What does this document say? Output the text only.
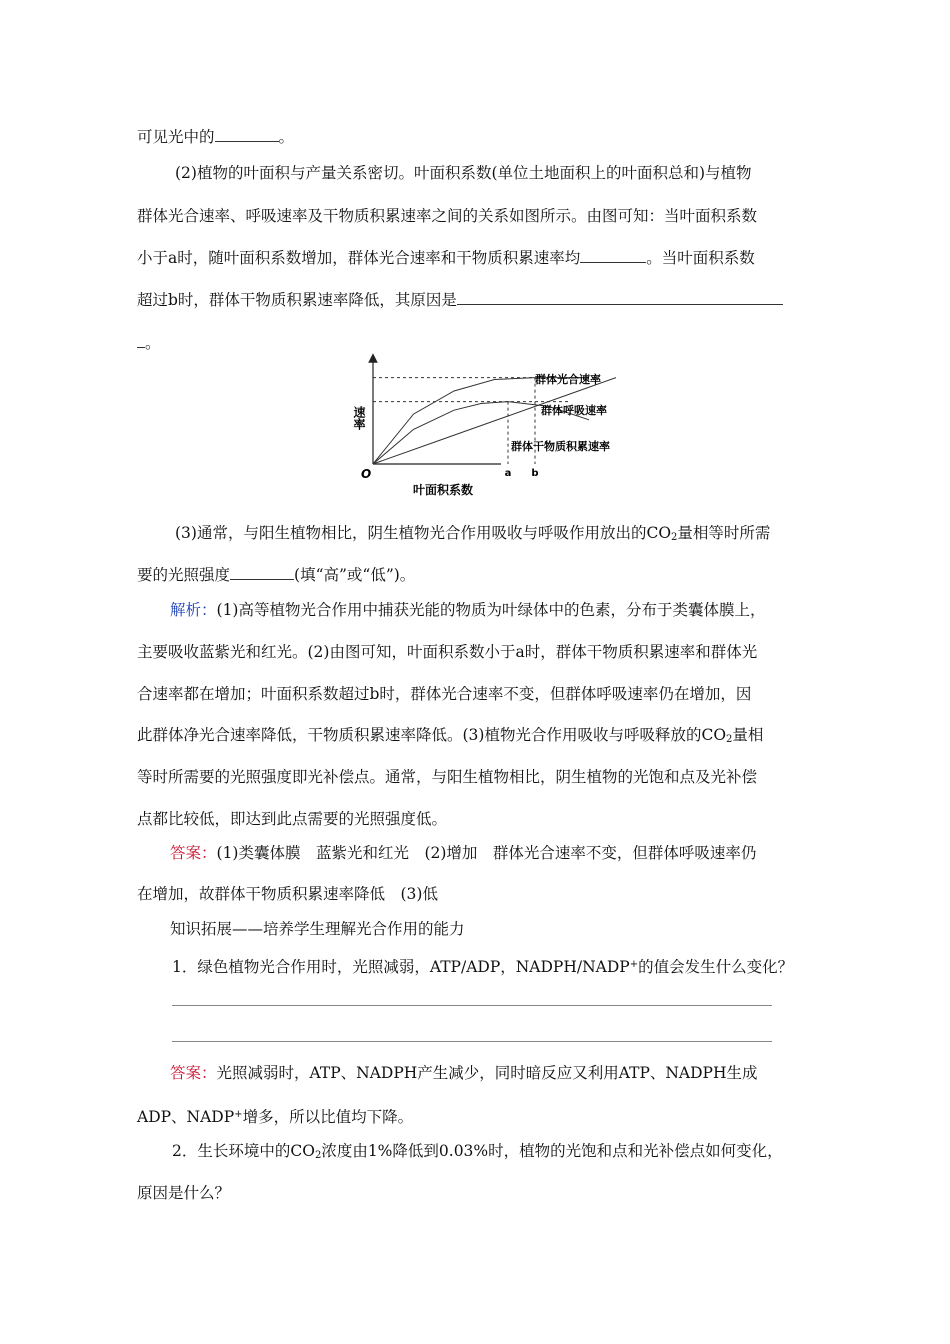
可见光中的	。
(2)植物的叶面积与产量关系密切。叶面积系数(单位土地面积上的叶面积总和)与植物
群体光合速率、呼吸速率及干物质积累速率之间的关系如图所示。由图可知：当叶面积系数
小于a时，随叶面积系数增加，群体光合速率和干物质积累速率均	。当叶面积系数
超过b时，群体干物质积累速率降低，其原因是
。
O
速率
叶面积系数
a b
群体光合速率
群体呼吸速率
群体干物质积累速率
(3)通常，与阳生植物相比，阴生植物光合作用吸收与呼吸作用放出的$CO_2$量相等时所需
要的光照强度	(填“高”或“低”)。
解析：(1)高等植物光合作用中捕获光能的物质为叶绿体中的色素，分布于类囊体膜上，
主要吸收蓝紫光和红光。(2)由图可知，叶面积系数小于a时，群体干物质积累速率和群体光
合速率都在增加；叶面积系数超过b时，群体光合速率不变，但群体呼吸速率仍在增加，因
此群体净光合速率降低，干物质积累速率降低。(3)植物光合作用吸收与呼吸释放的$CO_2$量相
等时所需要的光照强度即光补偿点。通常，与阳生植物相比，阴生植物的光饱和点及光补偿
点都比较低，即达到此点需要的光照强度低。
答案：(1)类囊体膜　蓝紫光和红光　(2)增加　群体光合速率不变，但群体呼吸速率仍
在增加，故群体干物质积累速率降低　(3)低
知识拓展——培养学生理解光合作用的能力
1．绿色植物光合作用时，光照减弱，ATP/ADP，NADPH/NADP+的值会发生什么变化？
答案：光照减弱时，ATP、NADPH产生减少，同时暗反应又利用ATP、NADPH生成
ADP、NADP+增多，所以比值均下降。
2．生长环境中的$CO_2$浓度由1%降低到0.03%时，植物的光饱和点和光补偿点如何变化，
原因是什么？
